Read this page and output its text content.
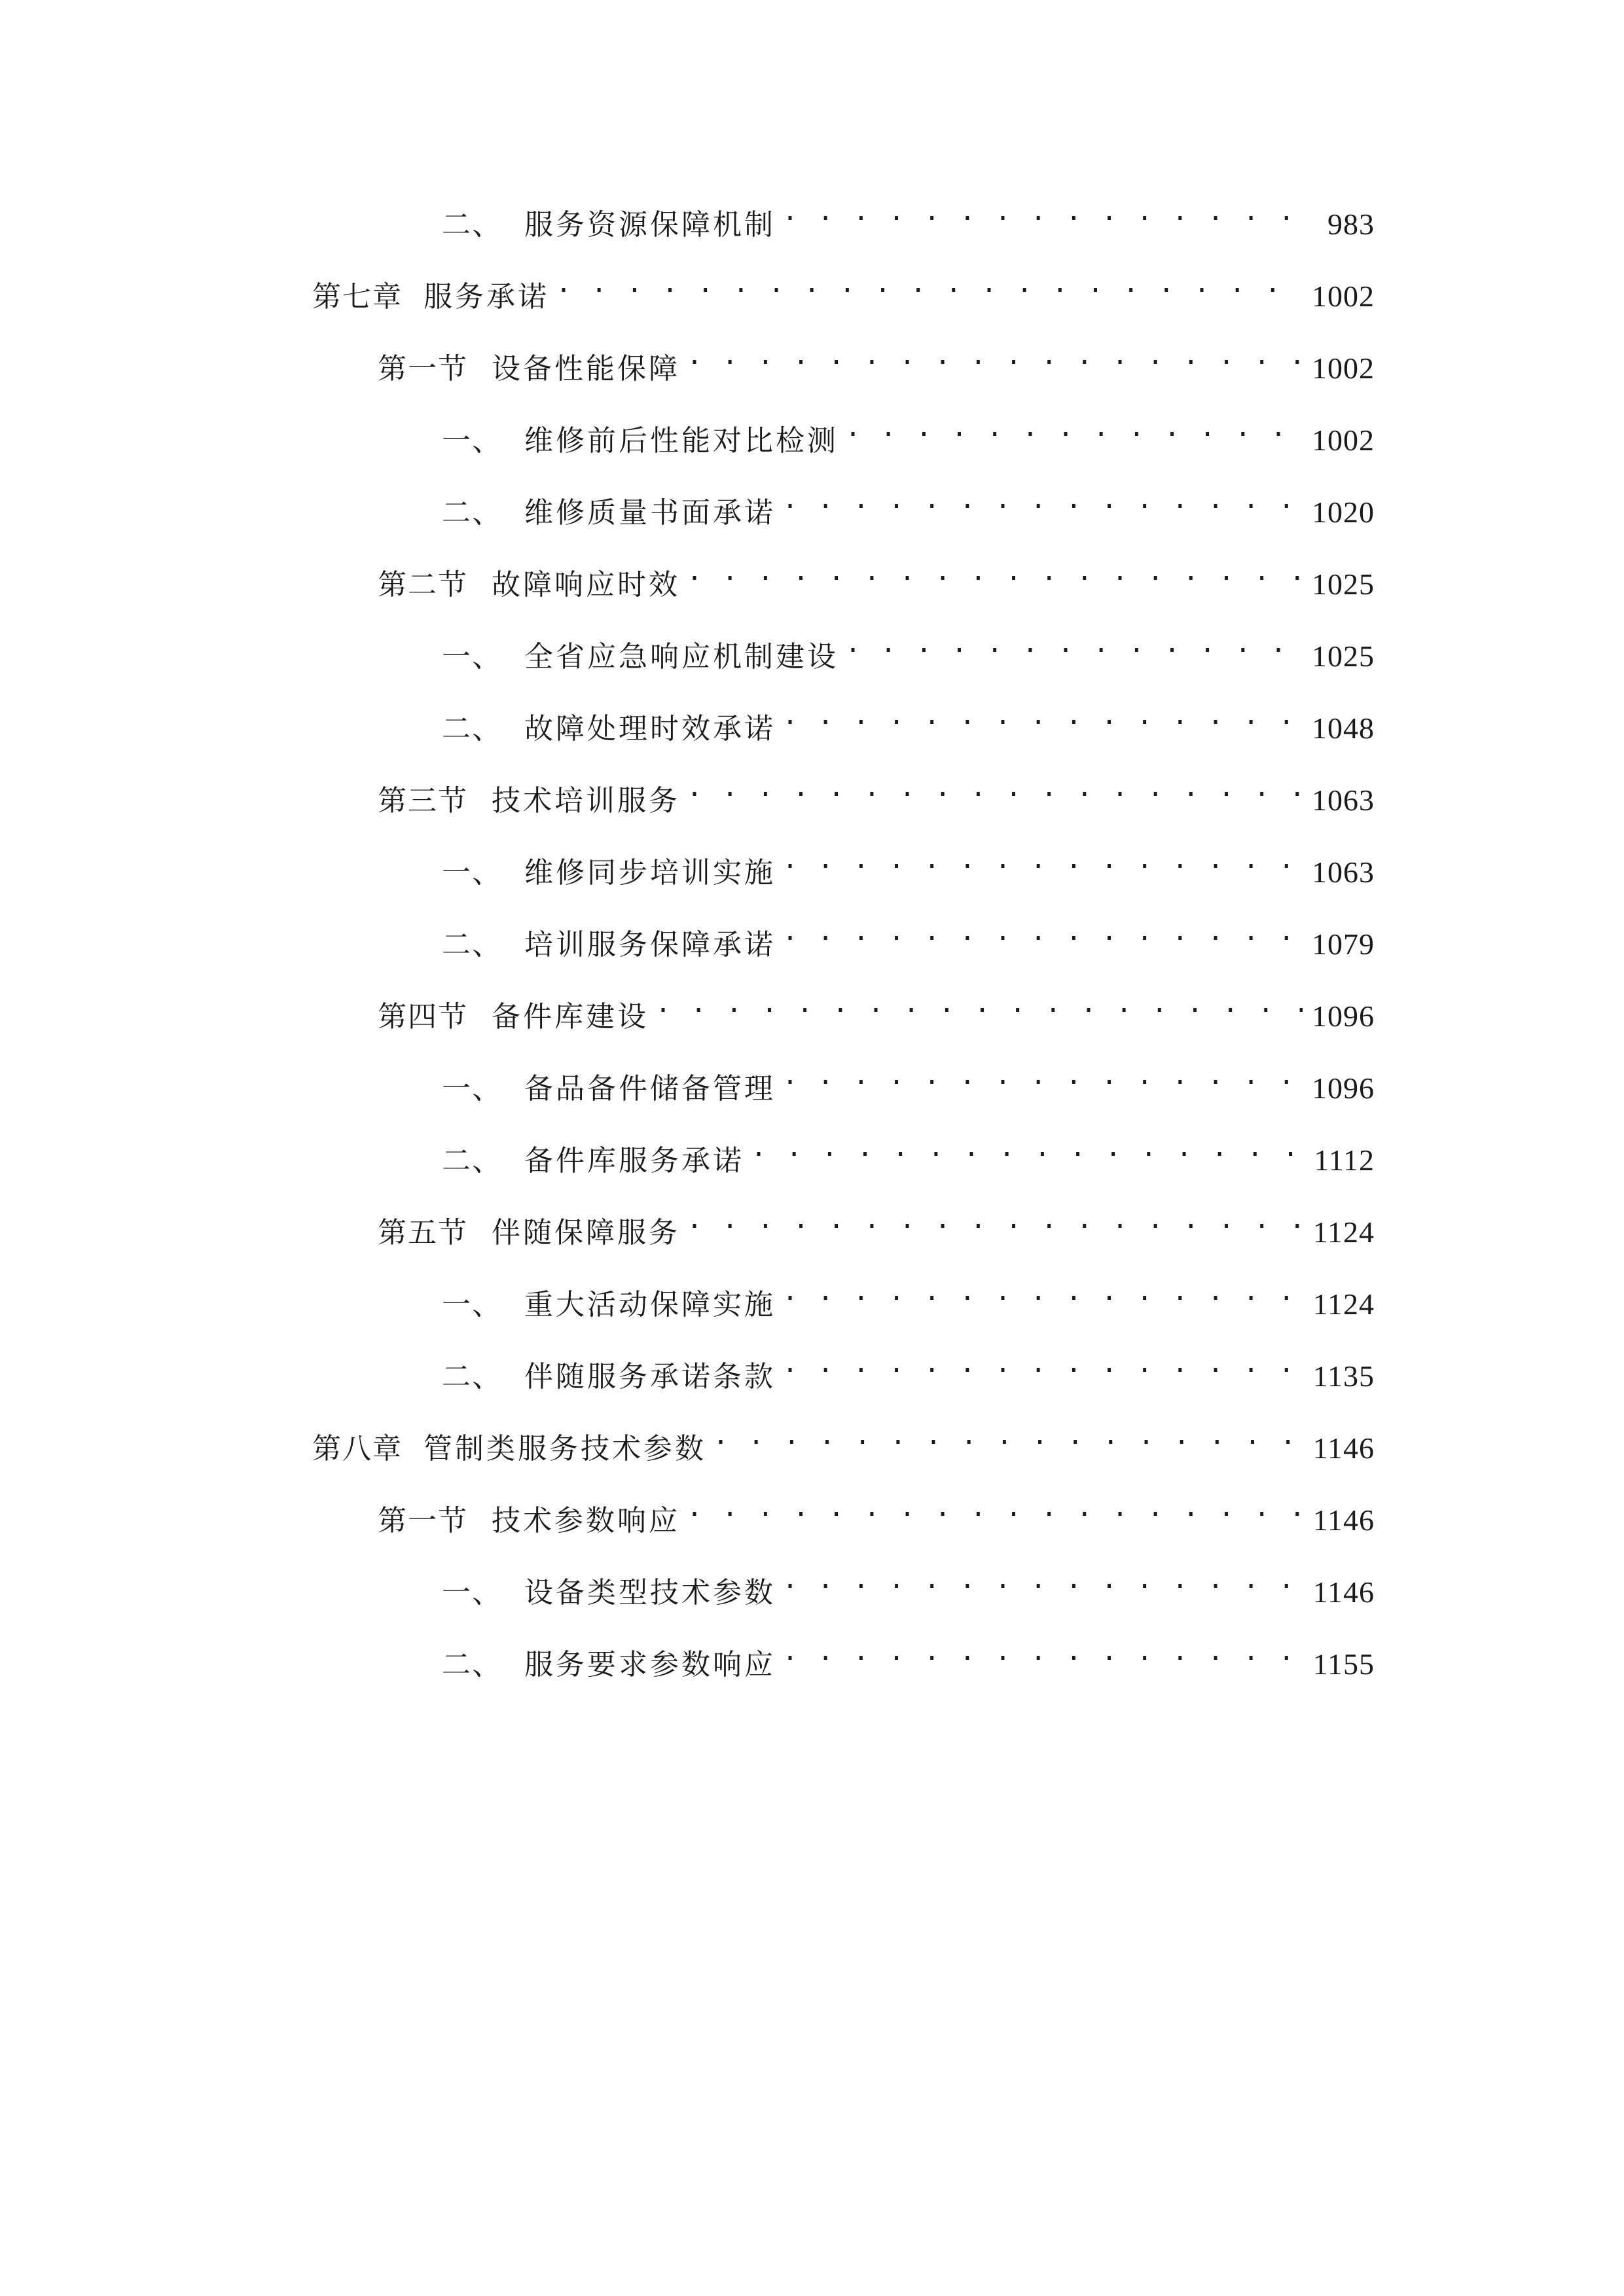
二、 服务资源保障机制 . . .	983
第七章 服务承诺 . . .	1002
第一节 设备性能保障 . . .	1002
一、 维修前后性能对比检测 . . .	1002
二、 维修质量书面承诺 . . .	1020
第二节 故障响应时效 . . .	1025
一、 全省应急响应机制建设 . . .	1025
二、 故障处理时效承诺 . . .	1048
第三节 技术培训服务 . . .	1063
一、 维修同步培训实施 . . .	1063
二、 培训服务保障承诺 . . .	1079
第四节 备件库建设 . . .	1096
一、 备品备件储备管理 . . .	1096
二、 备件库服务承诺 . . .	1112
第五节 伴随保障服务 . . .	1124
一、 重大活动保障实施 . . .	1124
二、 伴随服务承诺条款 . . .	1135
第八章 管制类服务技术参数 . . .	1146
第一节 技术参数响应 . . .	1146
一、 设备类型技术参数 . . .	1146
二、 服务要求参数响应 . . .	1155
